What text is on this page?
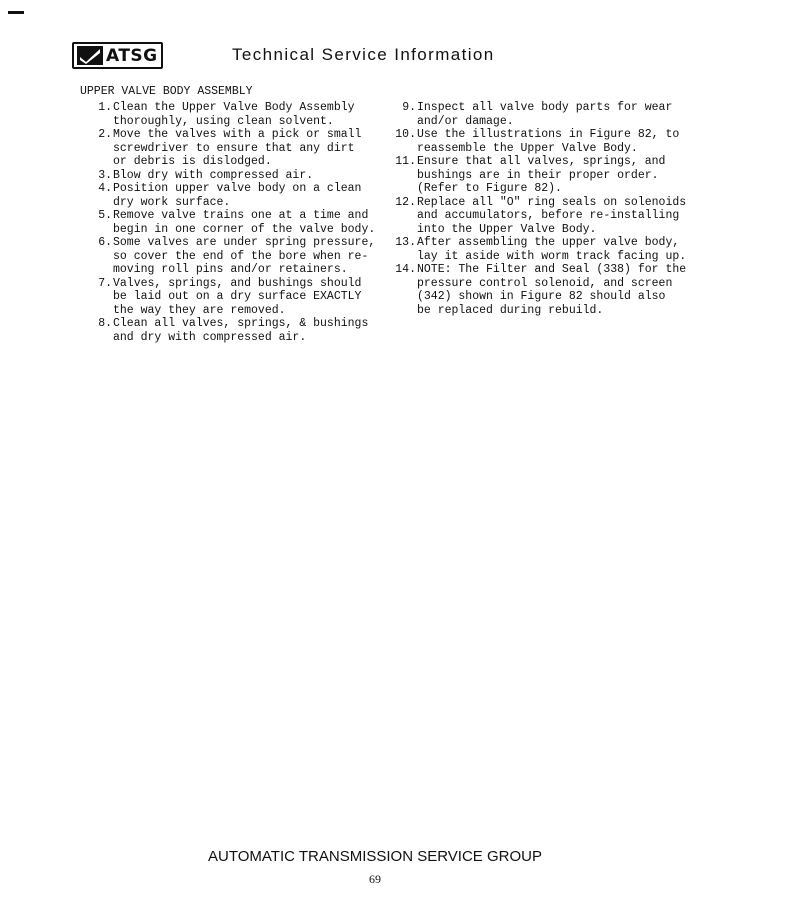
ATSG	Technical Service Information
UPPER VALVE BODY ASSEMBLY
1. Clean the Upper Valve Body Assembly
thoroughly, using clean solvent.
2. Move the valves with a pick or small
screwdriver to ensure that any dirt
or debris is dislodged.
3. Blow dry with compressed air.
4. Position upper valve body on a clean
dry work surface.
5. Remove valve trains one at a time and
begin in one corner of the valve body.
6. Some valves are under spring pressure,
so cover the end of the bore when re-
moving roll pins and/or retainers.
7. Valves, springs, and bushings should
be laid out on a dry surface EXACTLY
the way they are removed.
8. Clean all valves, springs, & bushings
and dry with compressed air.
9. Inspect all valve body parts for wear
and/or damage.
10. Use the illustrations in Figure 82, to
reassemble the Upper Valve Body.
11. Ensure that all valves, springs, and
bushings are in their proper order.
(Refer to Figure 82).
12. Replace all "O" ring seals on solenoids
and accumulators, before re-installing
into the Upper Valve Body.
13. After assembling the upper valve body,
lay it aside with worm track facing up.
14. NOTE: The Filter and Seal (338) for the
pressure control solenoid, and screen
(342) shown in Figure 82 should also
be replaced during rebuild.
AUTOMATIC TRANSMISSION SERVICE GROUP
69
